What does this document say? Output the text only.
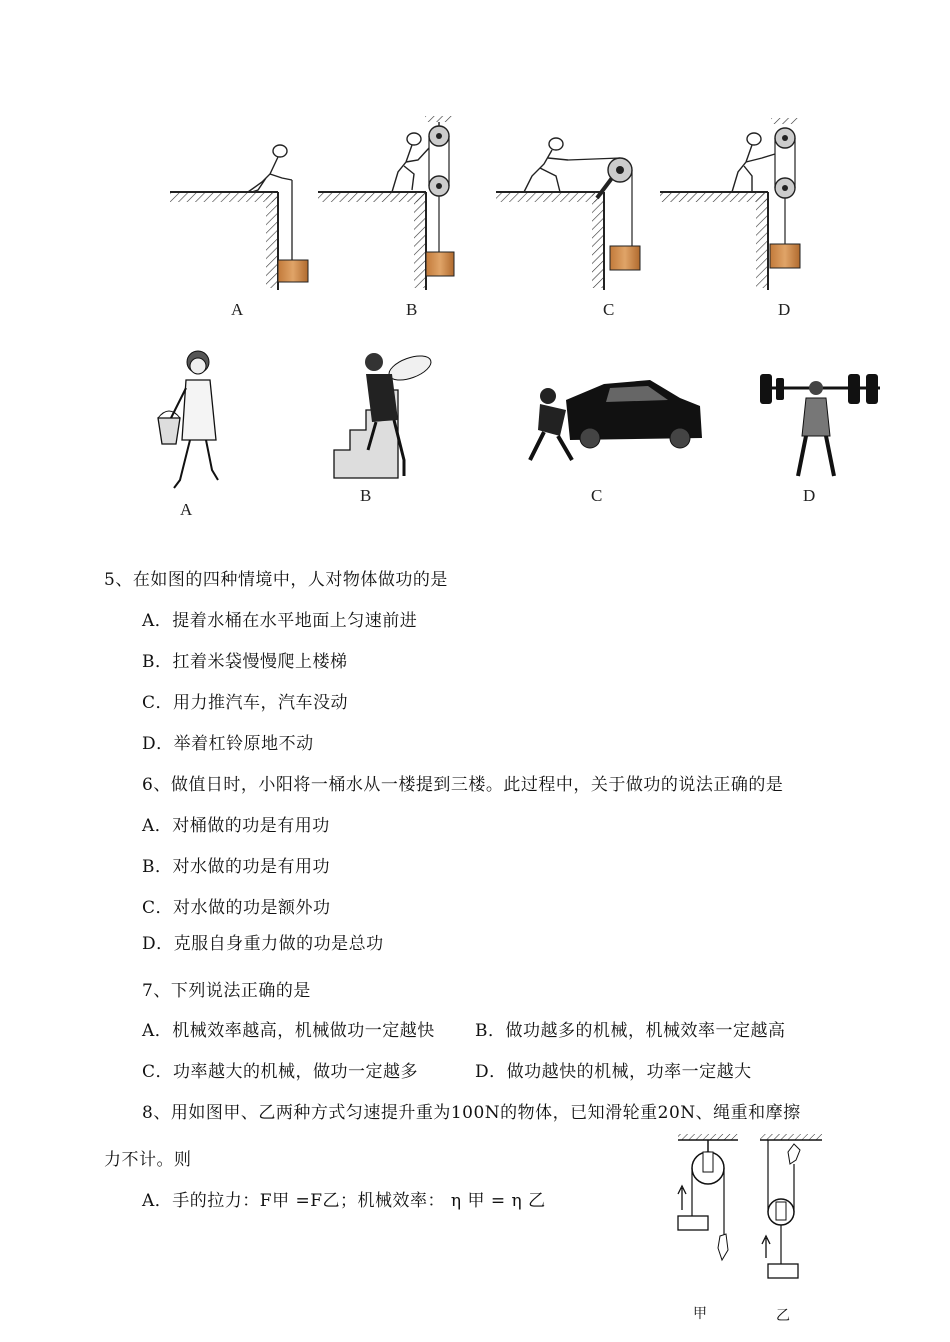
A	B	C	D
A
B	C	D
5、在如图的四种情境中，人对物体做功的是
A．提着水桶在水平地面上匀速前进
B．扛着米袋慢慢爬上楼梯
C．用力推汽车，汽车没动
D．举着杠铃原地不动
6、做值日时，小阳将一桶水从一楼提到三楼。此过程中，关于做功的说法正确的是
A．对桶做的功是有用功
B．对水做的功是有用功
C．对水做的功是额外功
D．克服自身重力做的功是总功
7、下列说法正确的是
A．机械效率越高，机械做功一定越快 B．做功越多的机械，机械效率一定越高
C．功率越大的机械，做功一定越多	D．做功越快的机械，功率一定越大
8、用如图甲、乙两种方式匀速提升重为100N的物体，已知滑轮重20N、绳重和摩擦
力不计。则
A．手的拉力：F甲 =F乙；机械效率： η 甲 = η 乙
甲	乙
